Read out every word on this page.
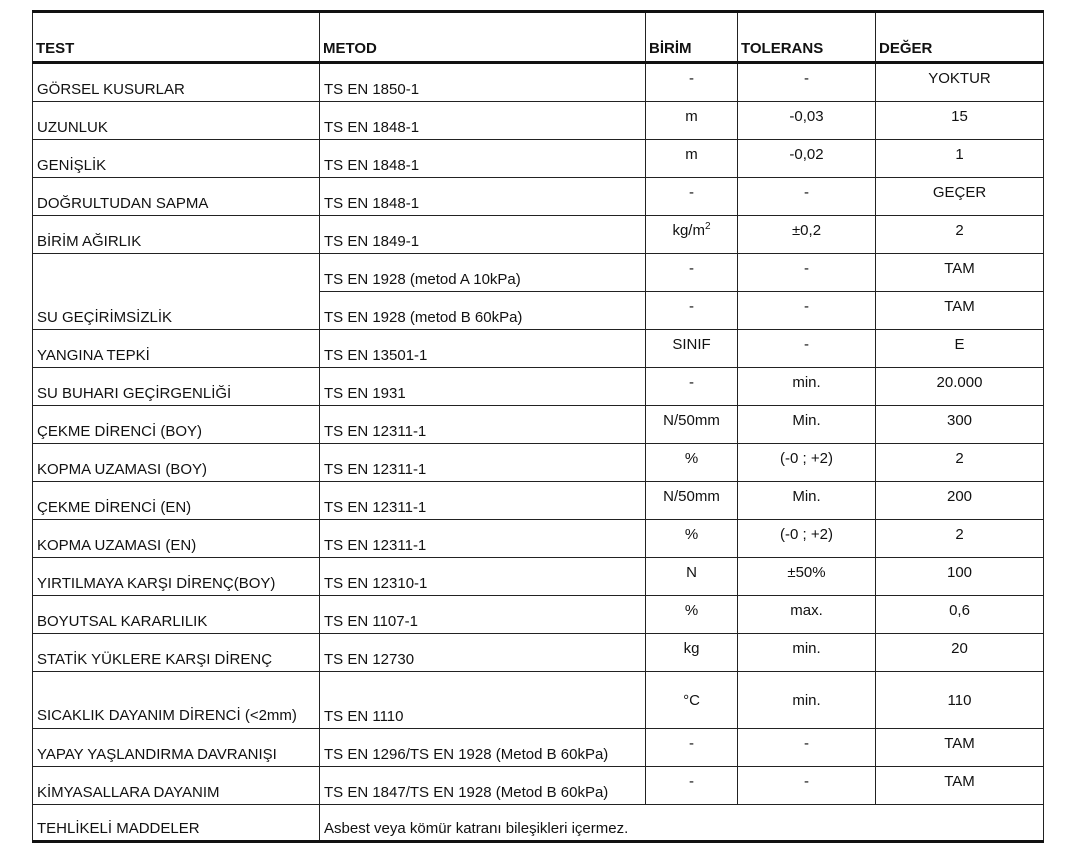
TEST	METOD	BİRİM	TOLERANS	DEĞER
GÖRSEL KUSURLAR	TS EN 1850-1	-	-	YOKTUR
UZUNLUK	TS EN 1848-1	m	-0,03	15
GENİŞLİK	TS EN 1848-1	m	-0,02	1
DOĞRULTUDAN SAPMA	TS EN 1848-1	-	-	GEÇER
BİRİM AĞIRLIK	TS EN 1849-1	$kg/m^2$	±0,2	2
SU GEÇİRİMSİZLİK	TS EN 1928 (metod A 10kPa)	-	-	TAM
	TS EN 1928 (metod B 60kPa)	-	-	TAM
YANGINA TEPKİ	TS EN 13501-1	SINIF	-	E
SU BUHARI GEÇİRGENLİĞİ	TS EN 1931	-	min.	20.000
ÇEKME DİRENCİ (BOY)	TS EN 12311-1	N/50mm	Min.	300
KOPMA UZAMASI (BOY)	TS EN 12311-1	%	(-0 ; +2)	2
ÇEKME DİRENCİ (EN)	TS EN 12311-1	N/50mm	Min.	200
KOPMA UZAMASI (EN)	TS EN 12311-1	%	(-0 ; +2)	2
YIRTILMAYA KARŞI DİRENÇ(BOY)	TS EN 12310-1	N	±50%	100
BOYUTSAL KARARLILIK	TS EN 1107-1	%	max.	0,6
STATİK YÜKLERE KARŞI DİRENÇ	TS EN 12730	kg	min.	20
SICAKLIK DAYANIM DİRENCİ (<2mm)	TS EN 1110	°C	min.	110
YAPAY YAŞLANDIRMA DAVRANIŞI	TS EN 1296/TS EN 1928 (Metod B 60kPa)	-	-	TAM
KİMYASALLARA DAYANIM	TS EN 1847/TS EN 1928 (Metod B 60kPa)	-	-	TAM
TEHLİKELİ MADDELER	Asbest veya kömür katranı bileşikleri içermez.			
